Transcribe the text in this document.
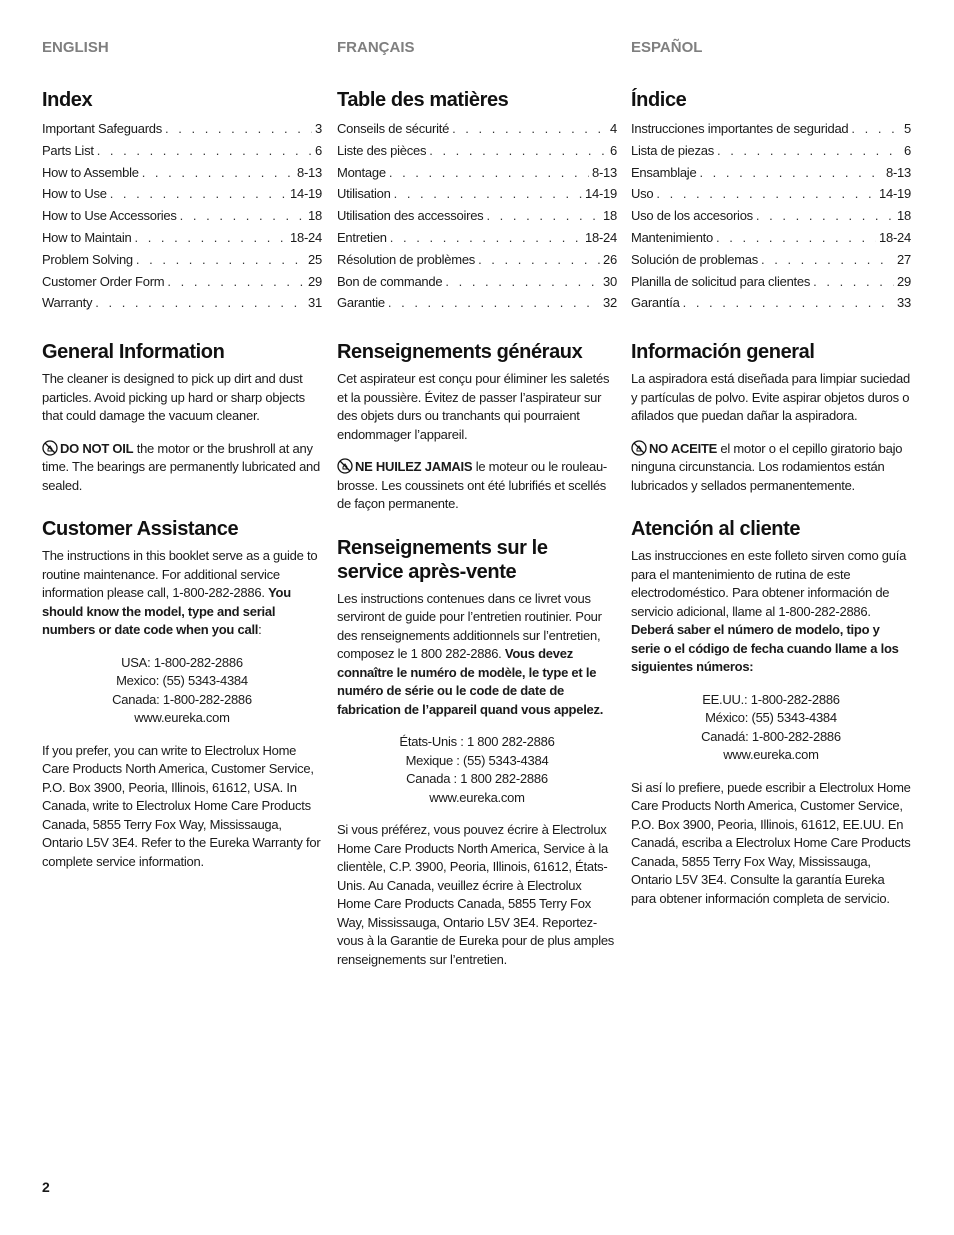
ENGLISH
Index
Important Safeguards . . .	3
Parts List . . .	6
How to Assemble . . .	8-13
How to Use . . .	14-19
How to Use Accessories . . .	18
How to Maintain . . .	18-24
Problem Solving . . .	25
Customer Order Form . . .	29
Warranty . . .	31
General Information

The cleaner is designed to pick up dirt and dust particles. Avoid picking up hard or sharp objects that could damage the vacuum cleaner.

DO NOT OIL the motor or the brushroll at any time. The bearings are permanently lubricated and sealed.

Customer Assistance

The instructions in this booklet serve as a guide to routine maintenance. For additional service information please call, 1-800-282-2886. You should know the model, type and serial numbers or date code when you call:

USA: 1-800-282-2886
Mexico: (55) 5343-4384
Canada: 1-800-282-2886
www.eureka.com

If you prefer, you can write to Electrolux Home Care Products North America, Customer Service, P.O. Box 3900, Peoria, Illinois, 61612, USA. In Canada, write to Electrolux Home Care Products Canada, 5855 Terry Fox Way, Mississauga, Ontario L5V 3E4. Refer to the Eureka Warranty for complete service information.

FRANÇAIS
Table des matières
Conseils de sécurité . . .	4
Liste des pièces . . .	6
Montage . . .	8-13
Utilisation . . .	14-19
Utilisation des accessoires . . .	18
Entretien . . .	18-24
Résolution de problèmes . . .	26
Bon de commande . . .	30
Garantie . . .	32
Renseignements généraux

Cet aspirateur est conçu pour éliminer les saletés et la poussière. Évitez de passer l’aspirateur sur des objets durs ou tranchants qui pourraient endommager l’appareil.

NE HUILEZ JAMAIS le moteur ou le rouleau-brosse. Les coussinets ont été lubrifiés et scellés de façon permanente.

Renseignements sur le service après-vente

Les instructions contenues dans ce livret vous serviront de guide pour l’entretien routinier. Pour des renseignements additionnels sur l’entretien, composez le 1 800 282-2886. Vous devez connaître le numéro de modèle, le type et le numéro de série ou le code de date de fabrication de l’appareil quand vous appelez.

États-Unis : 1 800 282-2886
Mexique : (55) 5343-4384
Canada : 1 800 282-2886
www.eureka.com

Si vous préférez, vous pouvez écrire à Electrolux Home Care Products North America, Service à la clientèle, C.P. 3900, Peoria, Illinois, 61612, États-Unis. Au Canada, veuillez écrire à Electrolux Home Care Products Canada, 5855 Terry Fox Way, Mississauga, Ontario L5V 3E4. Reportez-vous à la Garantie de Eureka pour de plus amples renseignements sur l’entretien.

ESPAÑOL
Índice
Instrucciones importantes de seguridad . . .	5
Lista de piezas . . .	6
Ensamblaje . . .	8-13
Uso . . .	14-19
Uso de los accesorios . . .	18
Mantenimiento . . .	18-24
Solución de problemas . . .	27
Planilla de solicitud para clientes . . .	29
Garantía . . .	33
Información general

La aspiradora está diseñada para limpiar suciedad y partículas de polvo. Evite aspirar objetos duros o afilados que puedan dañar la aspiradora.

NO ACEITE el motor o el cepillo giratorio bajo ninguna circunstancia. Los rodamientos están lubricados y sellados permanentemente.

Atención al cliente

Las instrucciones en este folleto sirven como guía para el mantenimiento de rutina de este electrodoméstico. Para obtener información de servicio adicional, llame al 1-800-282-2886. Deberá saber el número de modelo, tipo y serie o el código de fecha cuando llame a los siguientes números:

EE.UU.: 1-800-282-2886
México: (55) 5343-4384
Canadá: 1-800-282-2886
www.eureka.com

Si así lo prefiere, puede escribir a Electrolux Home Care Products North America, Customer Service, P.O. Box 3900, Peoria, Illinois, 61612, EE.UU. En Canadá, escriba a Electrolux Home Care Products Canada, 5855 Terry Fox Way, Mississauga, Ontario L5V 3E4. Consulte la garantía Eureka para obtener información completa de servicio.

2
